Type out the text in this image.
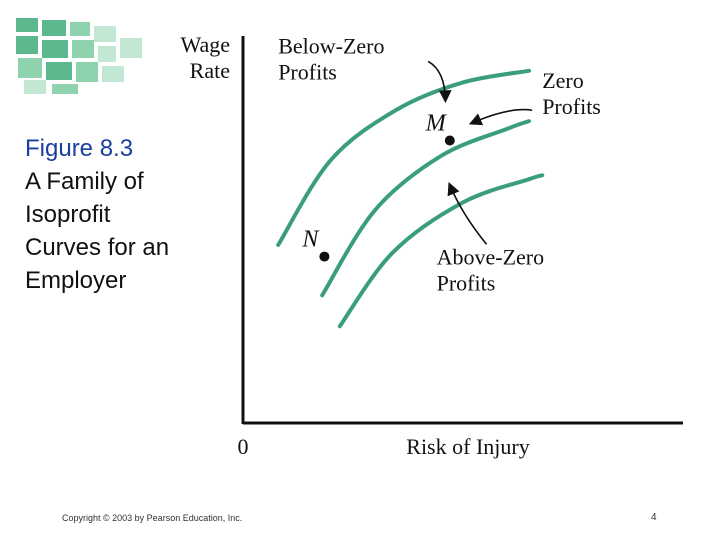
Figure 8.3
A Family of
Isoprofit
Curves for an
Employer
Wage
Rate
0	Risk of Injury
Below-Zero
Profits	Zero
Profits
Above-Zero
Profits
M
N
Copyright © 2003 by Pearson Education, Inc.	4
